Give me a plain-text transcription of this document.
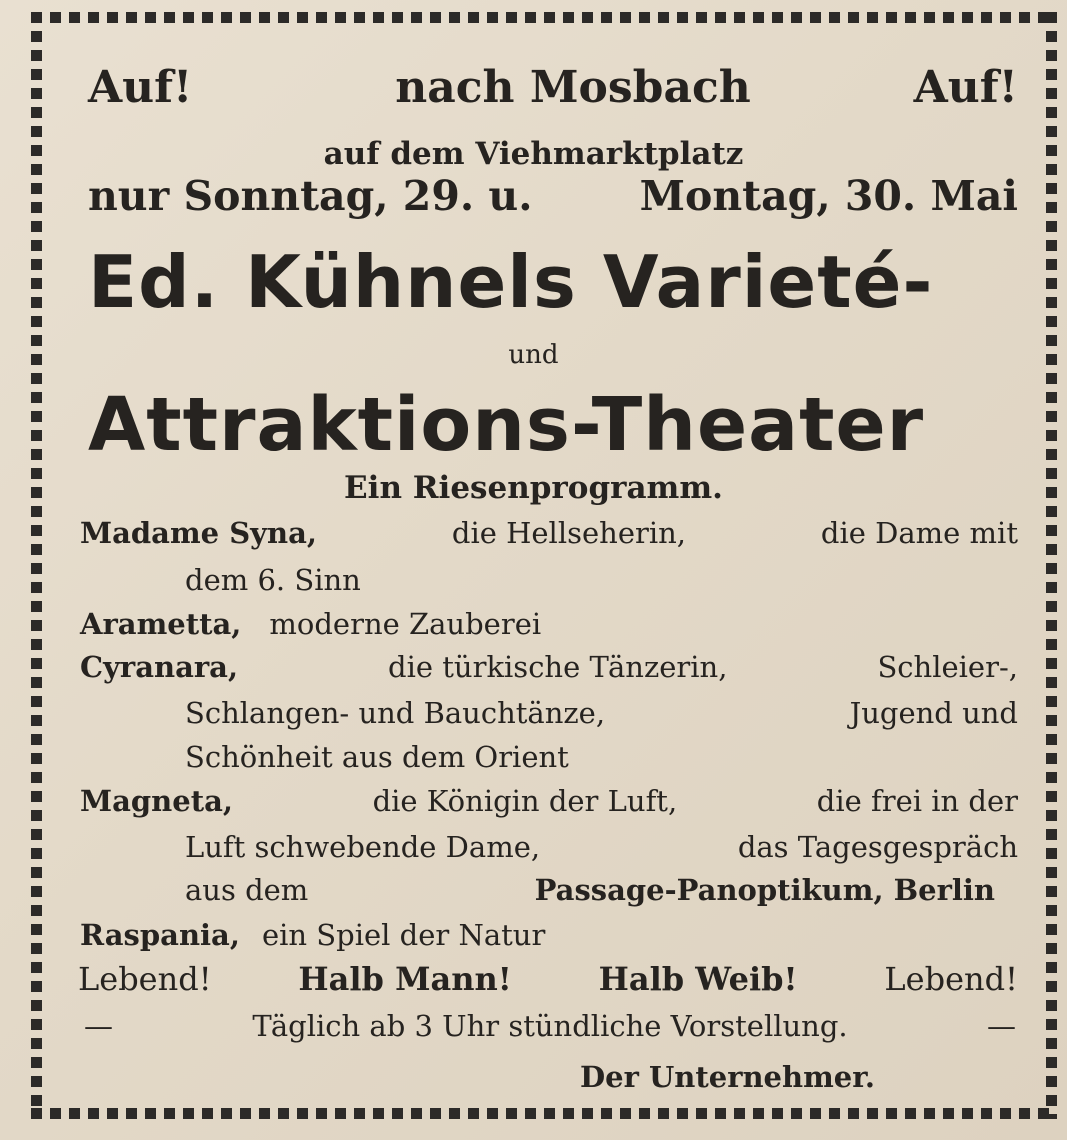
Auf!	nach Mosbach	Auf!
auf dem Viehmarktplatz
nur Sonntag, 29. u.	Montag, 30. Mai
Ed. Kühnels Varieté-
und
Attraktions-Theater
Ein Riesenprogramm.
Madame Syna,	die Hellseherin,	die Dame mit
dem 6. Sinn
Arametta, moderne Zauberei
Cyranara,	die türkische Tänzerin,	Schleier-,
Schlangen- und Bauchtänze,	Jugend und
Schönheit aus dem Orient
Magneta,	die Königin der Luft,	die frei in der
Luft schwebende Dame,	das Tagesgespräch
aus dem	Passage-Panoptikum, Berlin
Raspania, ein Spiel der Natur
Lebend!	Halb Mann!	Halb Weib!	Lebend!
—	Täglich ab 3 Uhr stündliche Vorstellung.	—
Der Unternehmer.
